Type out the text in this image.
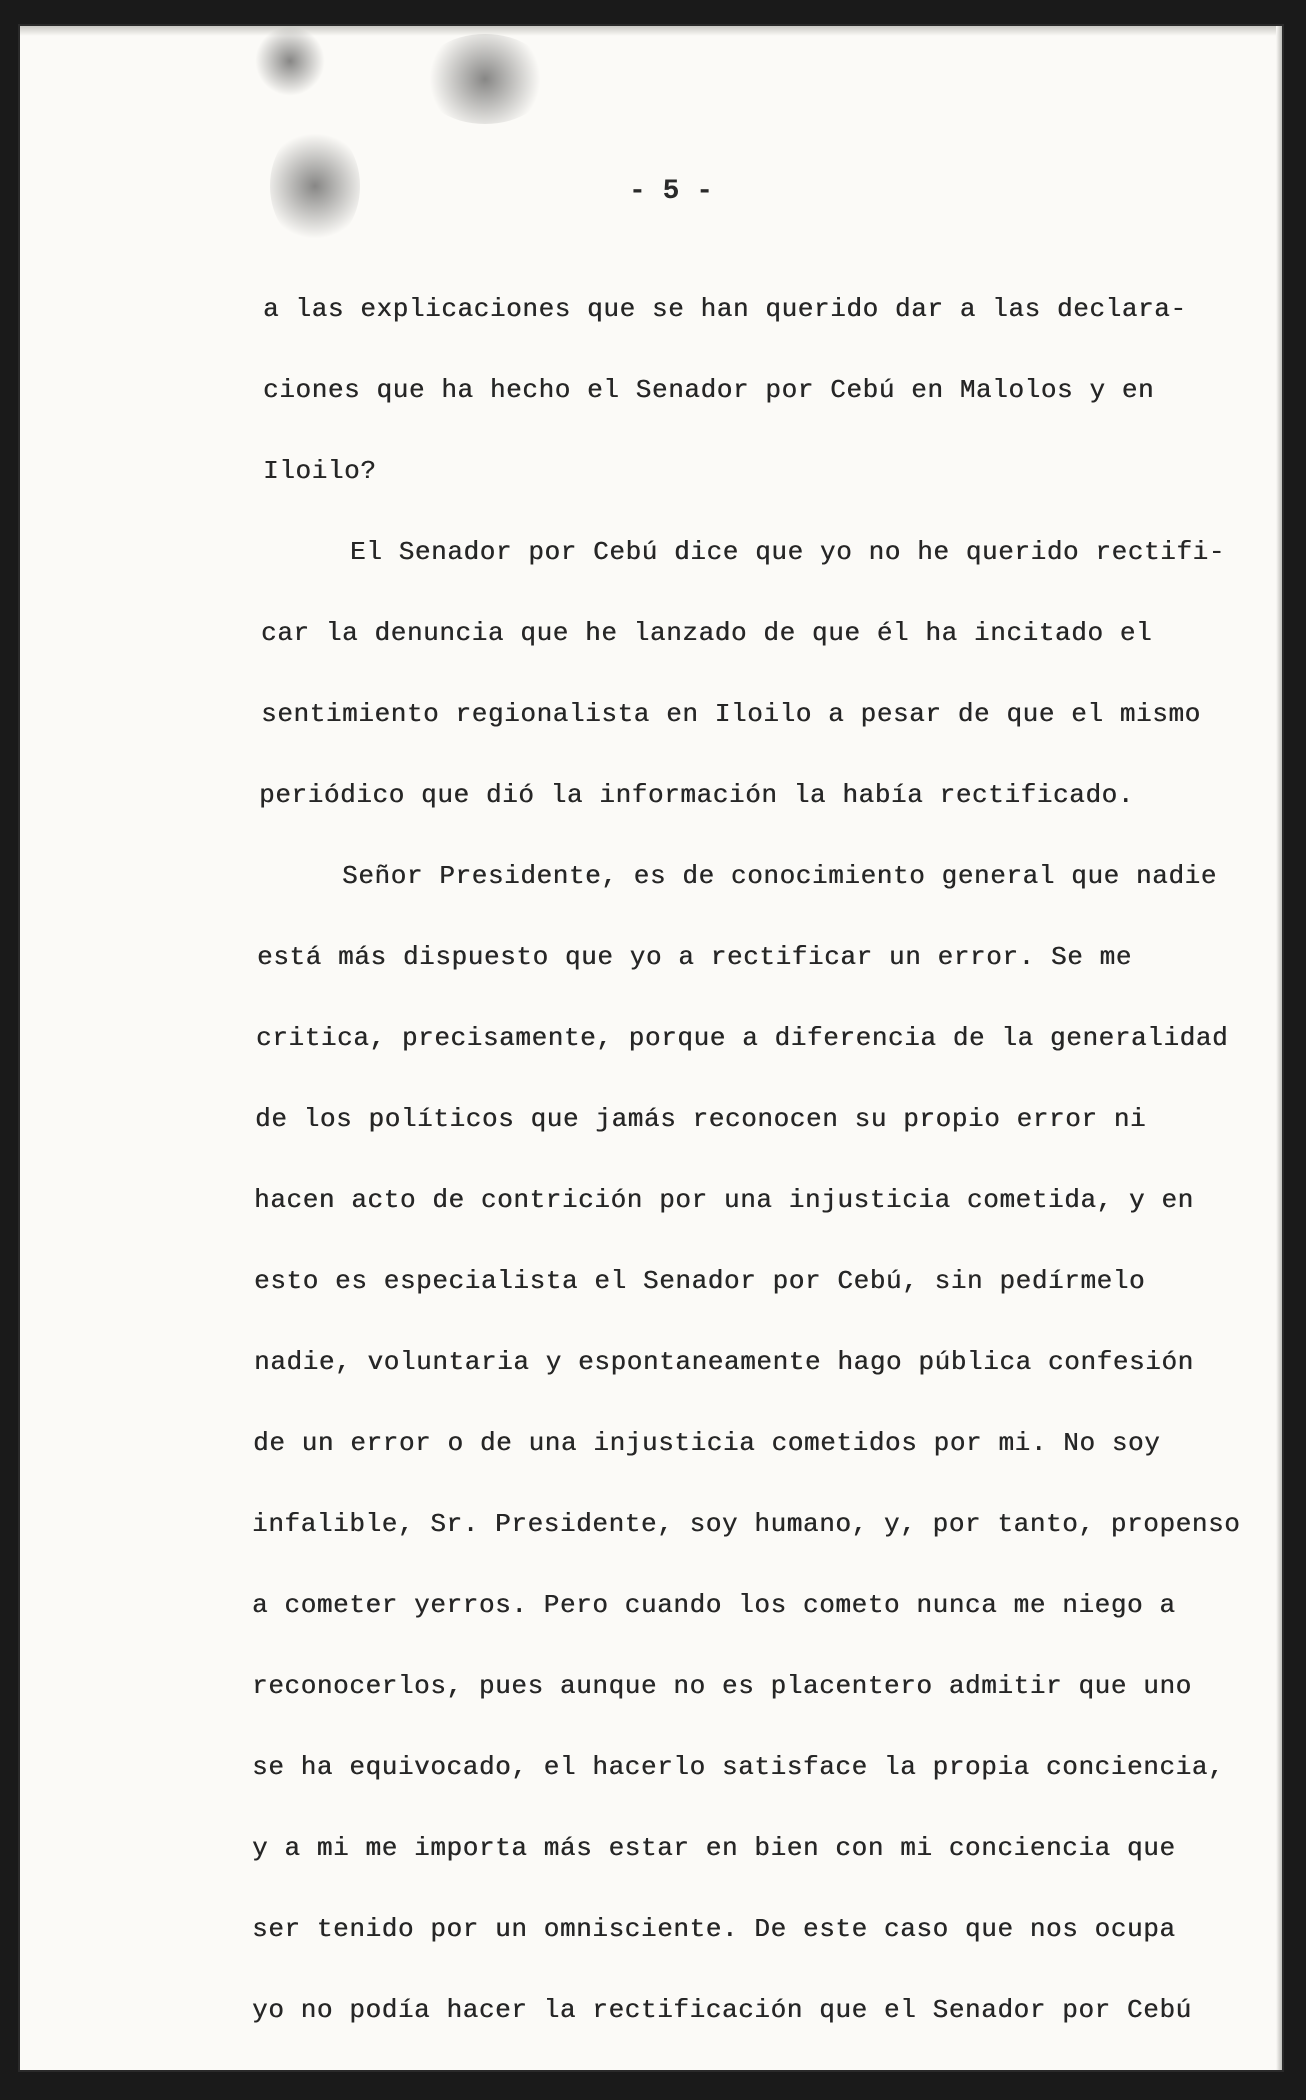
- 5 -
a las explicaciones que se han querido dar a las declara-
ciones que ha hecho el Senador por Cebú en Malolos y en
Iloilo?
El Senador por Cebú dice que yo no he querido rectifi-
car la denuncia que he lanzado de que él ha incitado el
sentimiento regionalista en Iloilo a pesar de que el mismo
periódico que dió la información la había rectificado.
Señor Presidente, es de conocimiento general que nadie
está más dispuesto que yo a rectificar un error. Se me
critica, precisamente, porque a diferencia de la generalidad
de los políticos que jamás reconocen su propio error ni
hacen acto de contrición por una injusticia cometida, y en
esto es especialista el Senador por Cebú, sin pedírmelo
nadie, voluntaria y espontaneamente hago pública confesión
de un error o de una injusticia cometidos por mi. No soy
infalible, Sr. Presidente, soy humano, y, por tanto, propenso
a cometer yerros. Pero cuando los cometo nunca me niego a
reconocerlos, pues aunque no es placentero admitir que uno
se ha equivocado, el hacerlo satisface la propia conciencia,
y a mi me importa más estar en bien con mi conciencia que
ser tenido por un omnisciente. De este caso que nos ocupa
yo no podía hacer la rectificación que el Senador por Cebú
